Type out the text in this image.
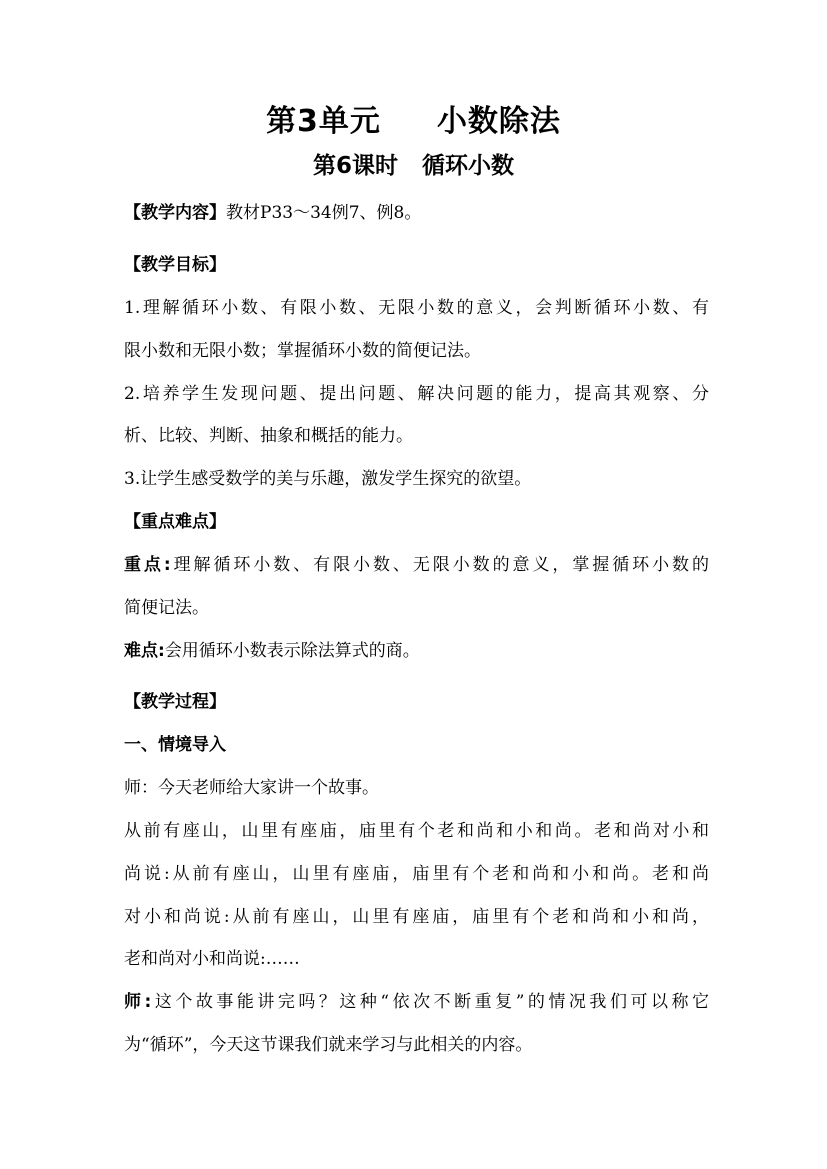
第3单元 小数除法
第6课时 循环小数
【教学内容】教材P33～34例7、例8。
【教学目标】
1.理解循环小数、有限小数、无限小数的意义，会判断循环小数、有
限小数和无限小数；掌握循环小数的简便记法。
2.培养学生发现问题、提出问题、解决问题的能力，提高其观察、分
析、比较、判断、抽象和概括的能力。
3.让学生感受数学的美与乐趣，激发学生探究的欲望。
【重点难点】
重点:理解循环小数、有限小数、无限小数的意义，掌握循环小数的
简便记法。
难点:会用循环小数表示除法算式的商。
【教学过程】
一、情境导入
师：今天老师给大家讲一个故事。
从前有座山，山里有座庙，庙里有个老和尚和小和尚。老和尚对小和
尚说:从前有座山，山里有座庙，庙里有个老和尚和小和尚。老和尚
对小和尚说:从前有座山，山里有座庙，庙里有个老和尚和小和尚，
老和尚对小和尚说:……
师:这个故事能讲完吗？这种“依次不断重复”的情况我们可以称它
为“循环”，今天这节课我们就来学习与此相关的内容。
